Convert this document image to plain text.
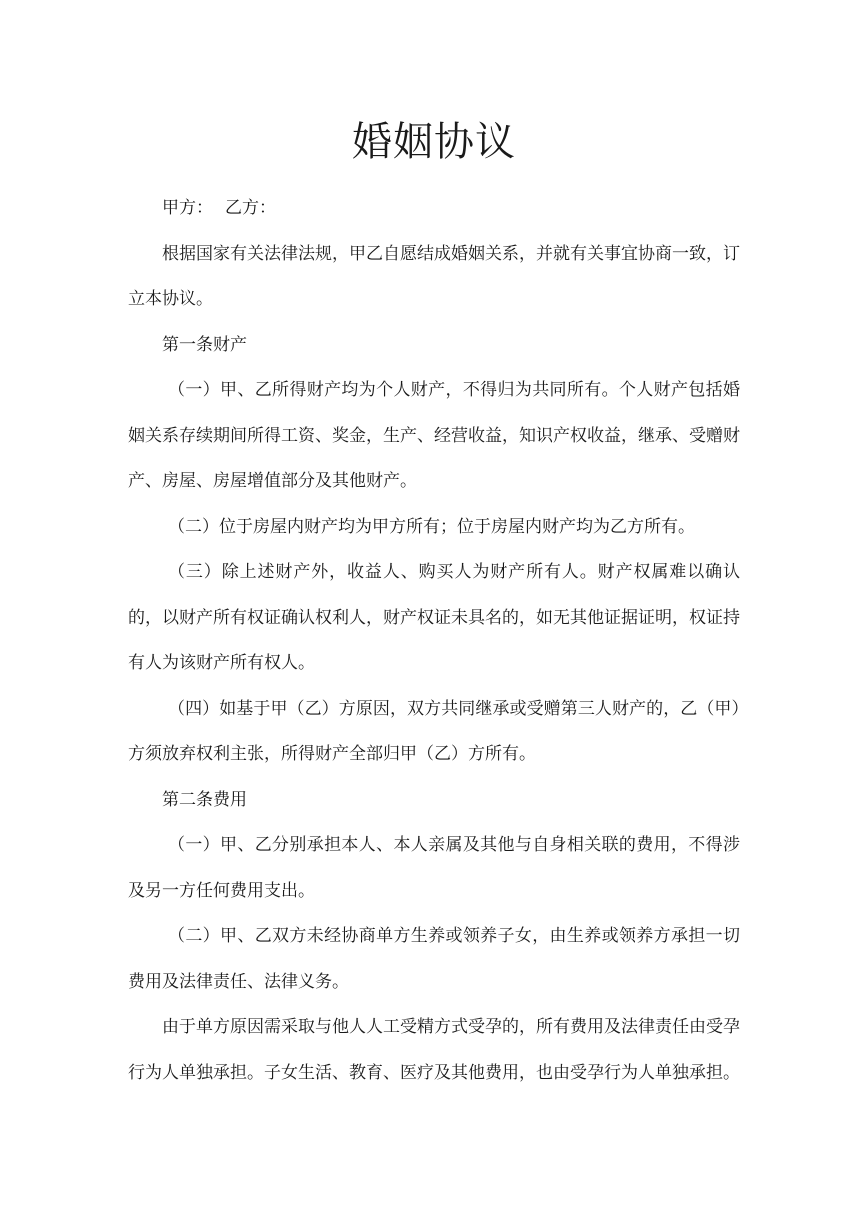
婚姻协议

甲方： 乙方：

根据国家有关法律法规，甲乙自愿结成婚姻关系，并就有关事宜协商一致，订立本协议。

第一条财产

（一）甲、乙所得财产均为个人财产，不得归为共同所有。个人财产包括婚姻关系存续期间所得工资、奖金，生产、经营收益，知识产权收益，继承、受赠财产、房屋、房屋增值部分及其他财产。

（二）位于房屋内财产均为甲方所有；位于房屋内财产均为乙方所有。

（三）除上述财产外，收益人、购买人为财产所有人。财产权属难以确认的，以财产所有权证确认权利人，财产权证未具名的，如无其他证据证明，权证持有人为该财产所有权人。

（四）如基于甲（乙）方原因，双方共同继承或受赠第三人财产的，乙（甲）方须放弃权利主张，所得财产全部归甲（乙）方所有。

第二条费用

（一）甲、乙分别承担本人、本人亲属及其他与自身相关联的费用，不得涉及另一方任何费用支出。

（二）甲、乙双方未经协商单方生养或领养子女，由生养或领养方承担一切费用及法律责任、法律义务。

由于单方原因需采取与他人人工受精方式受孕的，所有费用及法律责任由受孕行为人单独承担。子女生活、教育、医疗及其他费用，也由受孕行为人单独承担。
